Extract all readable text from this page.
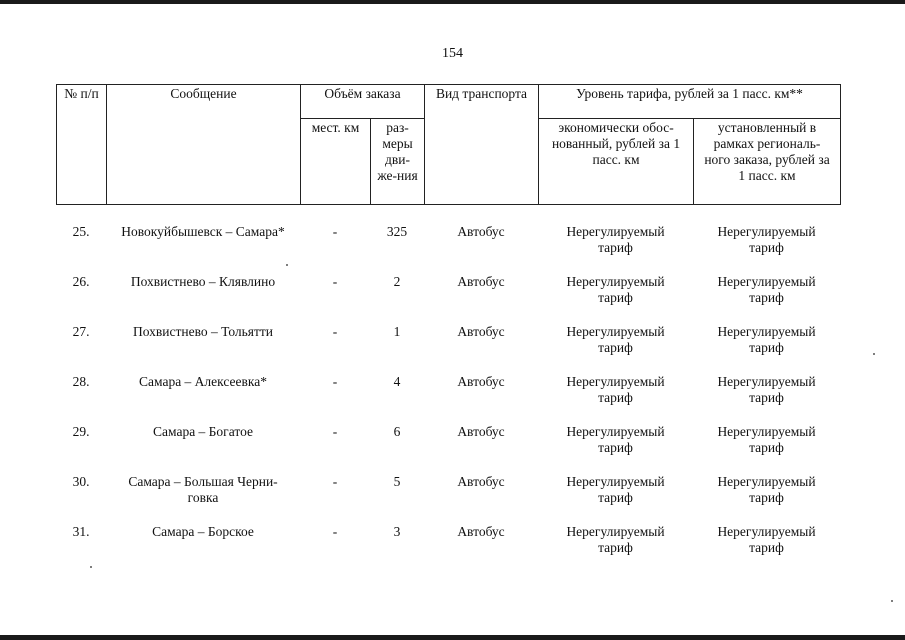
154
№ п/п	Сообщение	Объём заказа		Вид транспорта	Уровень тарифа, рублей за 1 пасс. км**	
		мест. км	раз-меры дви-же-ния		экономически обос-нованный, рублей за 1 пасс. км	установленный в рамках региональ-ного заказа, рублей за 1 пасс. км
25.	Новокуйбышевск – Самара*	-	325	Автобус	Нерегулируемый тариф	Нерегулируемый тариф
26.	Похвистнево – Клявлино	-	2	Автобус	Нерегулируемый тариф	Нерегулируемый тариф
27.	Похвистнево – Тольятти	-	1	Автобус	Нерегулируемый тариф	Нерегулируемый тариф
28.	Самара – Алексеевка*	-	4	Автобус	Нерегулируемый тариф	Нерегулируемый тариф
29.	Самара – Богатое	-	6	Автобус	Нерегулируемый тариф	Нерегулируемый тариф
30.	Самара – Большая Черни-говка	-	5	Автобус	Нерегулируемый тариф	Нерегулируемый тариф
31.	Самара – Борское	-	3	Автобус	Нерегулируемый тариф	Нерегулируемый тариф
